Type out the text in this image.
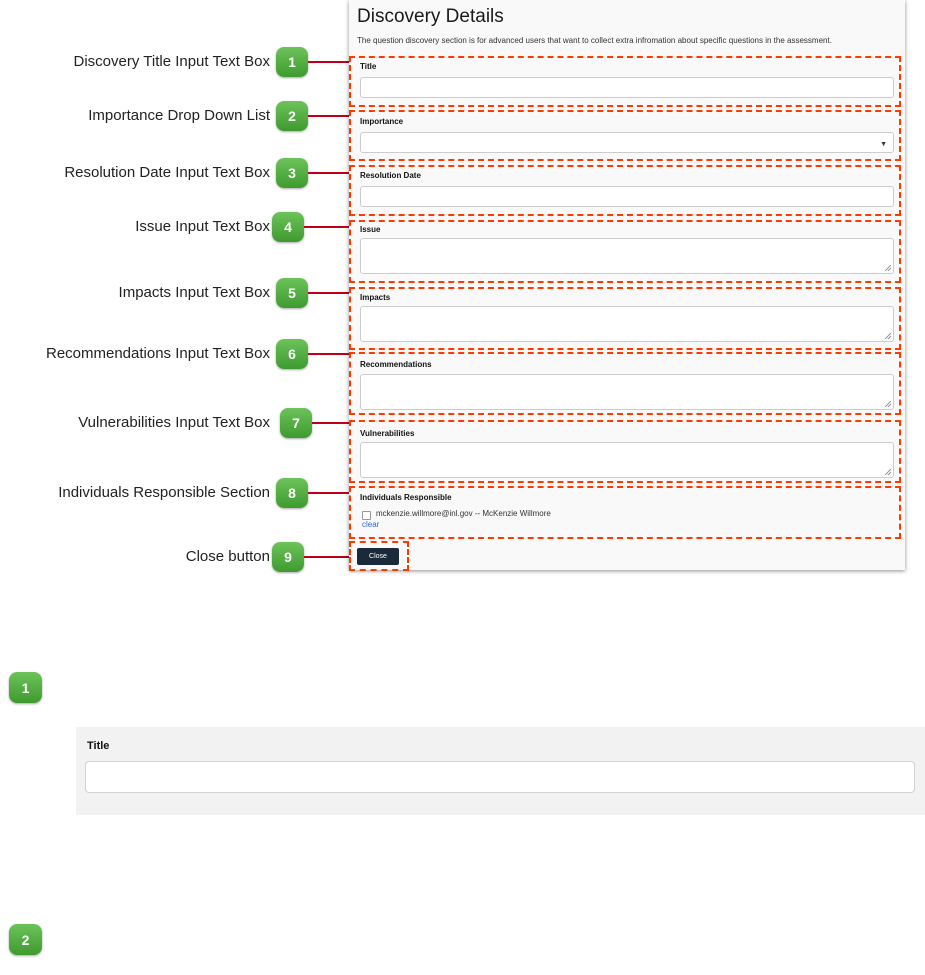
Discovery Title Input Text Box
Importance Drop Down List
Resolution Date Input Text Box
Issue Input Text Box
Impacts Input Text Box
Recommendations Input Text Box
Vulnerabilities Input Text Box
Individuals Responsible Section
Close button
1
2
3
4
5
6
7
8
9
Discovery Details
The question discovery section is for advanced users that want to collect extra infromation about specific questions in the assessment.
Title
Importance
▼
Resolution Date
Issue
Impacts
Recommendations
Vulnerabilities
Individuals Responsible
mckenzie.willmore@inl.gov -- McKenzie Willmore
clear
Close
1
Title
2
